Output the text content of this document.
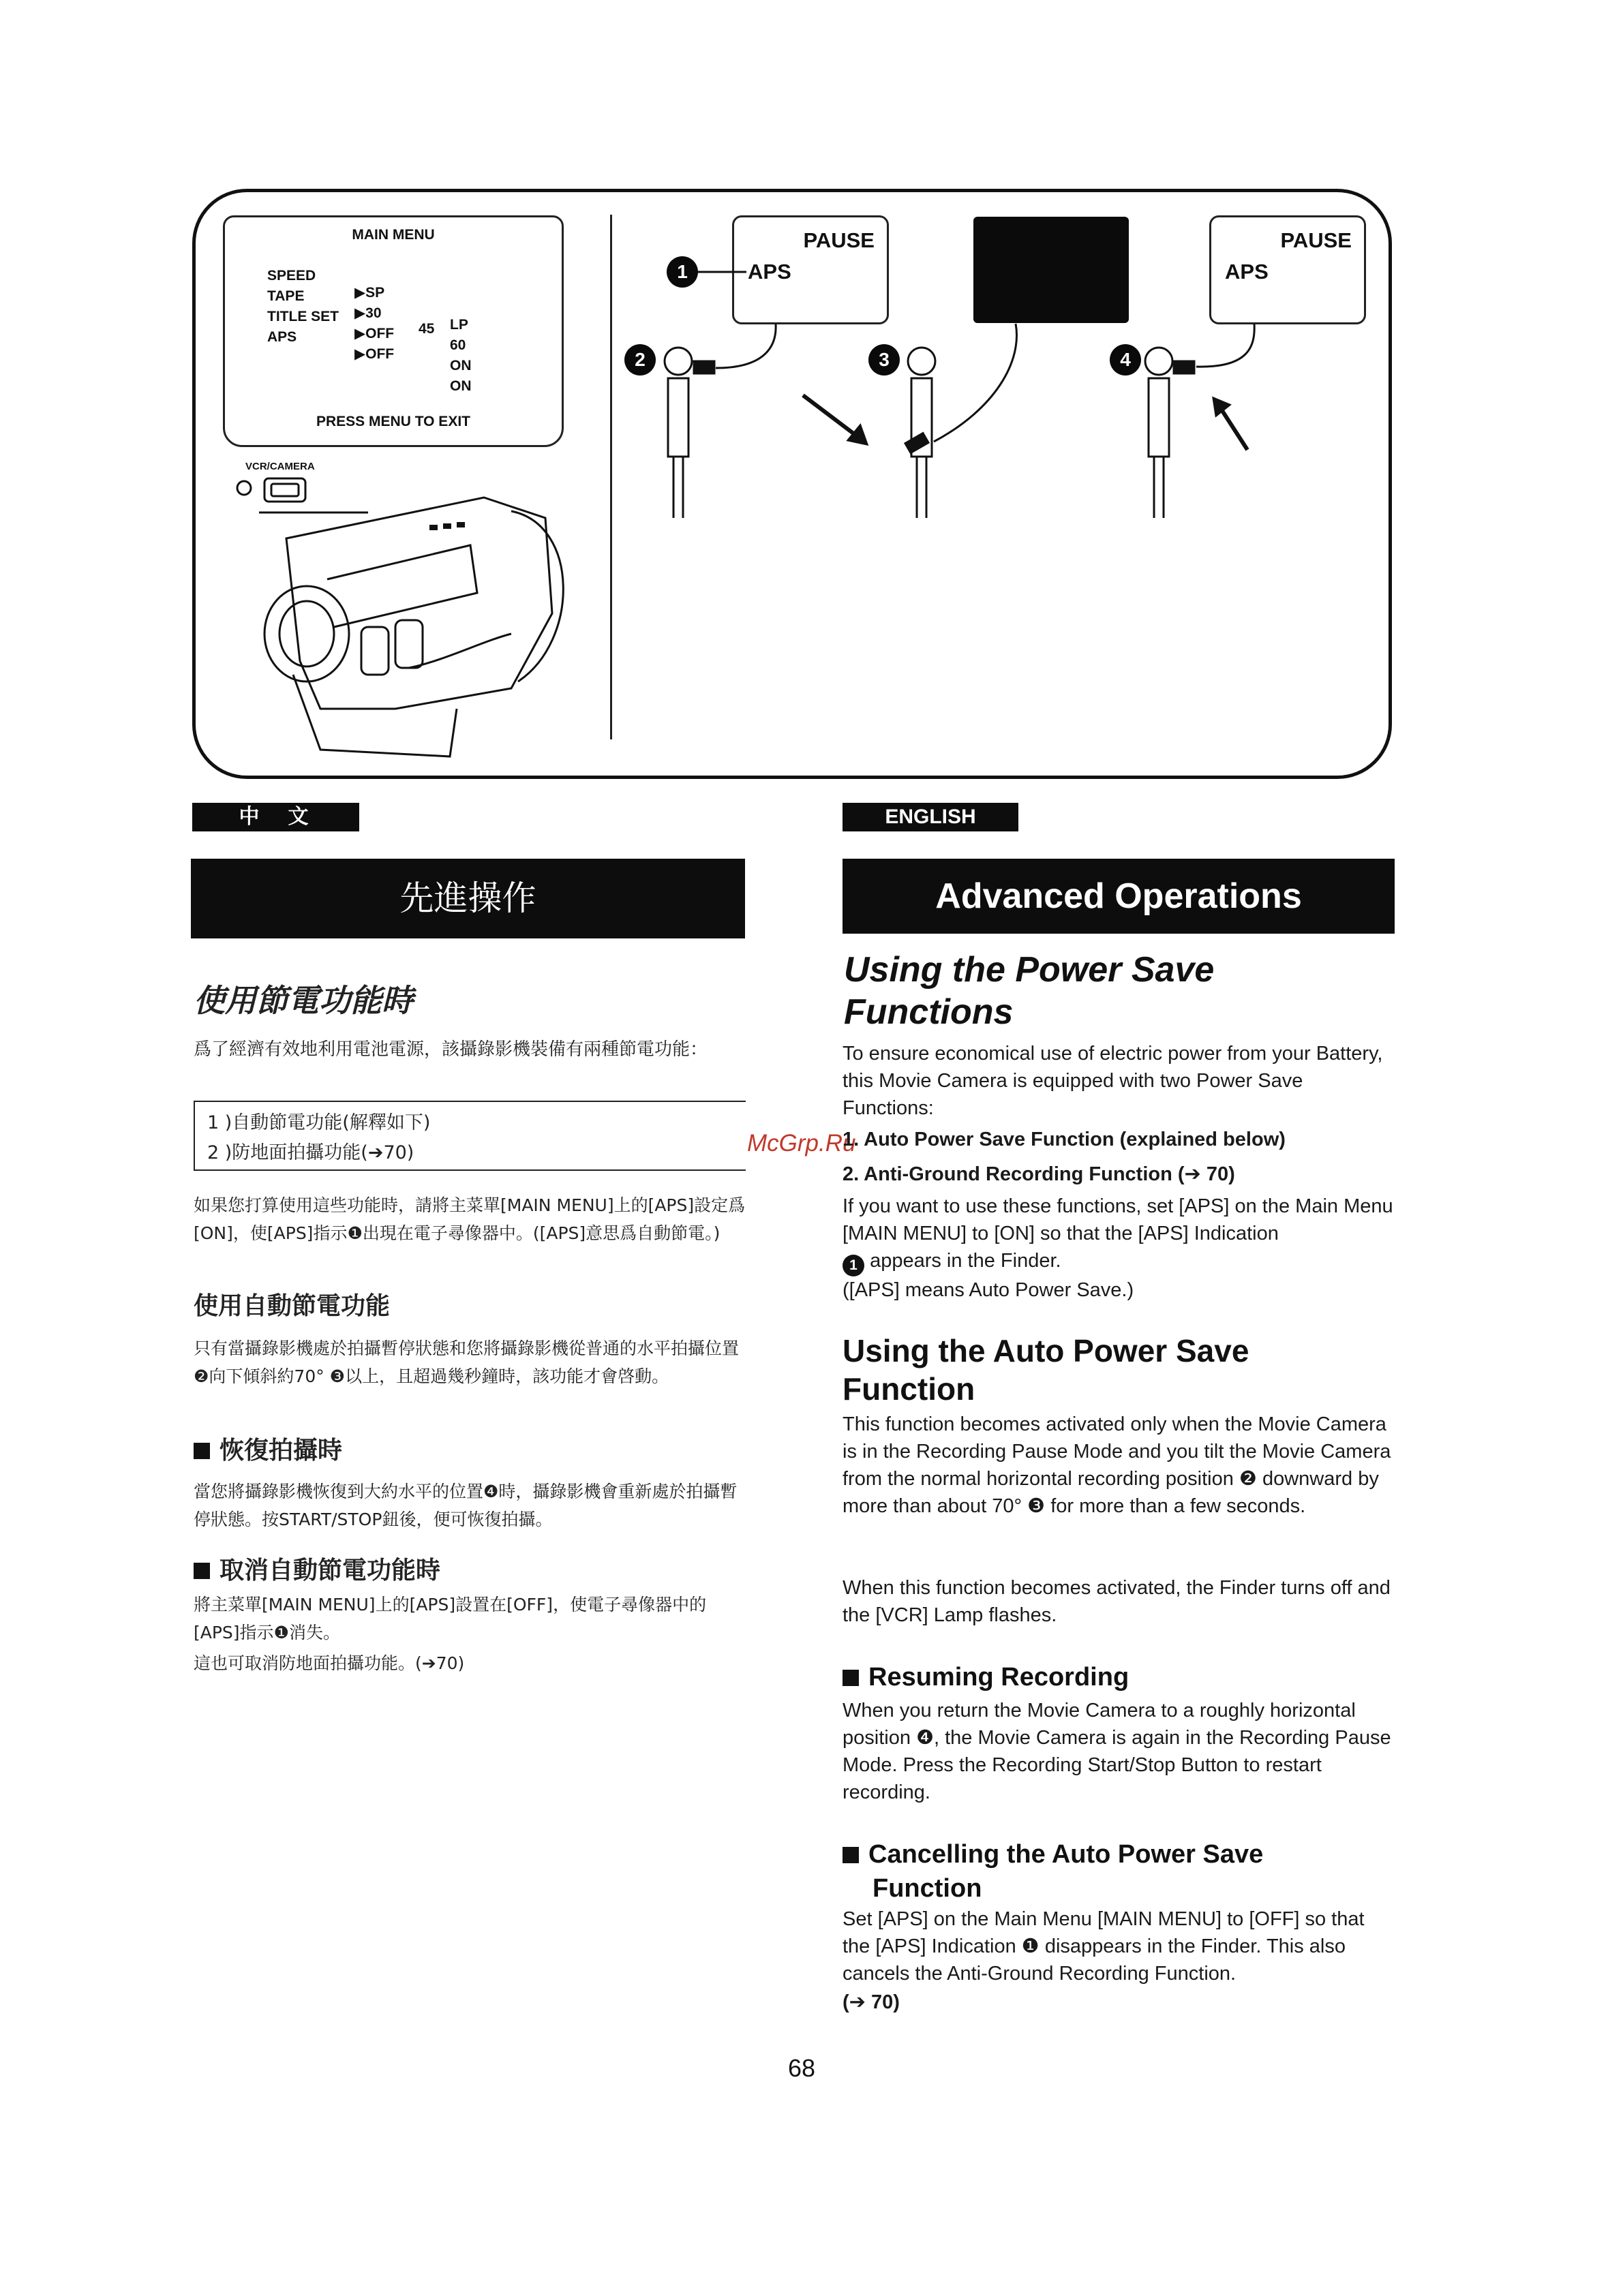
MAIN MENU

SPEED

▶SP

LP

TAPE

▶30

45

60

TITLE SET

▶OFF

ON

APS

▶OFF

ON

PRESS MENU TO EXIT
VCR/CAMERA
PAUSE
APS
PAUSE
APS
1
2	3	4
McGrp.Ru
中　文
先進操作
使用節電功能時
爲了經濟有效地利用電池電源，該攝錄影機裝備有兩種節電功能：
1 )自動節電功能(解釋如下)
2 )防地面拍攝功能(➔70)
如果您打算使用這些功能時，請將主菜單[MAIN MENU]上的[APS]設定爲[ON]，使[APS]指示❶出現在電子尋像器中。([APS]意思爲自動節電。)
使用自動節電功能
只有當攝錄影機處於拍攝暫停狀態和您將攝錄影機從普通的水平拍攝位置❷向下傾斜約70° ❸以上，且超過幾秒鐘時，該功能才會啓動。
恢復拍攝時
當您將攝錄影機恢復到大約水平的位置❹時，攝錄影機會重新處於拍攝暫停狀態。按START/STOP鈕後，便可恢復拍攝。
取消自動節電功能時
將主菜單[MAIN MENU]上的[APS]設置在[OFF]，使電子尋像器中的[APS]指示❶消失。
這也可取消防地面拍攝功能。(➔70)
ENGLISH
Advanced Operations
Using the Power Save Functions
To ensure economical use of electric power from your Battery, this Movie Camera is equipped with two Power Save Functions:
1. Auto Power Save Function (explained below)
2. Anti-Ground Recording Function (➔ 70)
If you want to use these functions, set [APS] on the Main Menu [MAIN MENU] to [ON] so that the [APS] Indication
1 appears in the Finder.
([APS] means Auto Power Save.)
Using the Auto Power Save Function
This function becomes activated only when the Movie Camera is in the Recording Pause Mode and you tilt the Movie Camera from the normal horizontal recording position ❷ downward by more than about 70° ❸ for more than a few seconds.
When this function becomes activated, the Finder turns off and the [VCR] Lamp flashes.
Resuming Recording
When you return the Movie Camera to a roughly horizontal position ❹, the Movie Camera is again in the Recording Pause Mode. Press the Recording Start/Stop Button to restart recording.
Cancelling the Auto Power Save
Function
Set [APS] on the Main Menu [MAIN MENU] to [OFF] so that the [APS] Indication ❶ disappears in the Finder. This also cancels the Anti-Ground Recording Function.
(➔ 70)
68
